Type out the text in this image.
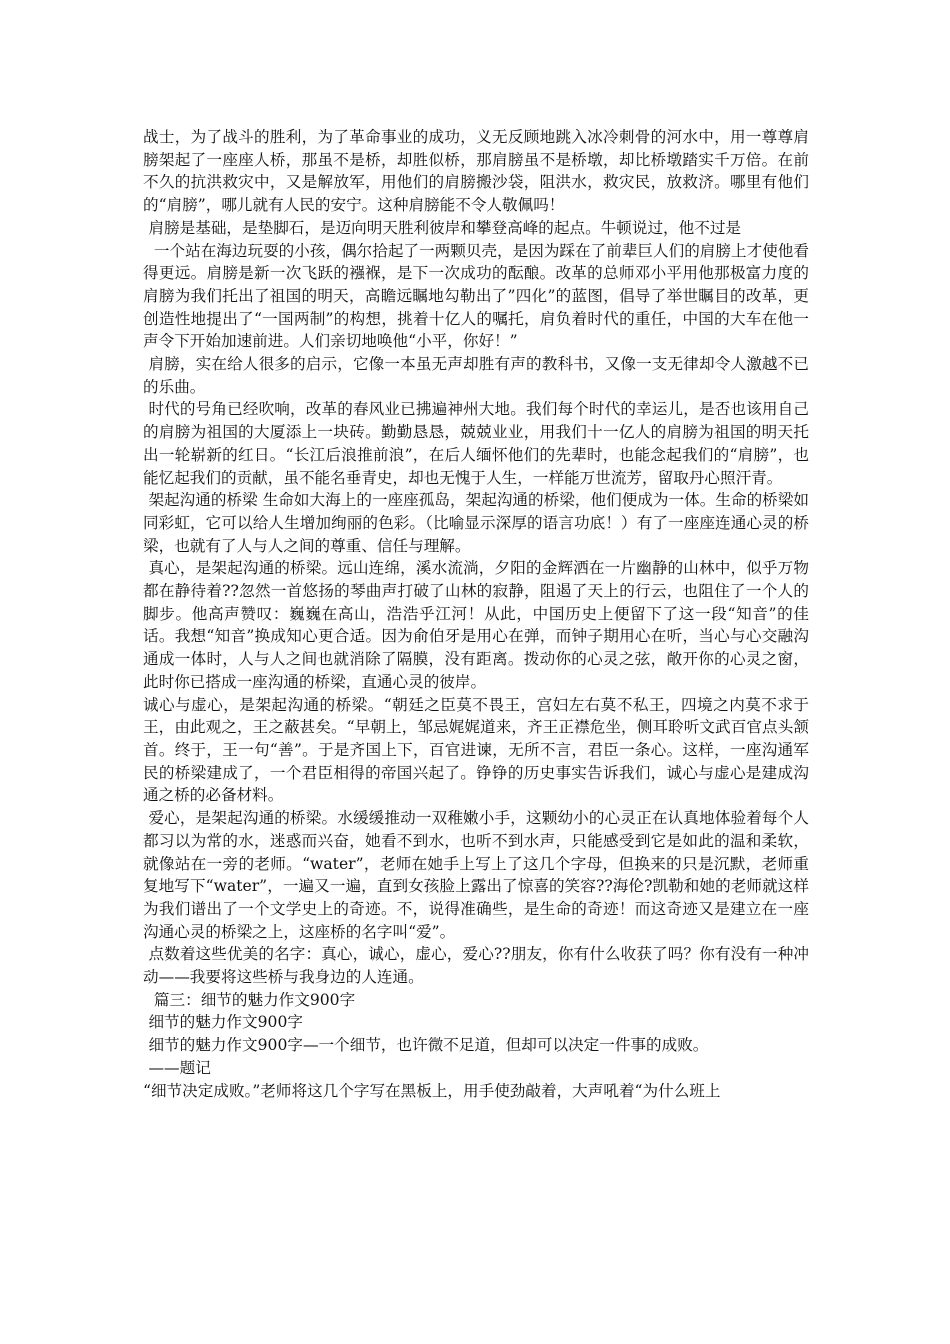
战士，为了战斗的胜利，为了革命事业的成功，义无反顾地跳入冰冷刺骨的河水中，用一尊尊肩膀架起了一座座人桥，那虽不是桥，却胜似桥，那肩膀虽不是桥墩，却比桥墩踏实千万倍。在前不久的抗洪救灾中，又是解放军，用他们的肩膀搬沙袋，阻洪水，救灾民，放救济。哪里有他们的“肩膀”，哪儿就有人民的安宁。这种肩膀能不令人敬佩吗！

肩膀是基础，是垫脚石，是迈向明天胜利彼岸和攀登高峰的起点。牛顿说过，他不过是

一个站在海边玩耍的小孩，偶尔拾起了一两颗贝壳，是因为踩在了前辈巨人们的肩膀上才使他看得更远。肩膀是新一次飞跃的襁褓，是下一次成功的酝酿。改革的总师邓小平用他那极富力度的肩膀为我们托出了祖国的明天，高瞻远瞩地勾勒出了”四化”的蓝图，倡导了举世瞩目的改革，更创造性地提出了“一国两制”的构想，挑着十亿人的嘱托，肩负着时代的重任，中国的大车在他一声令下开始加速前进。人们亲切地唤他“小平，你好！”

肩膀，实在给人很多的启示，它像一本虽无声却胜有声的教科书，又像一支无律却令人激越不已的乐曲。

时代的号角已经吹响，改革的春风业已拂遍神州大地。我们每个时代的幸运儿，是否也该用自己的肩膀为祖国的大厦添上一块砖。勤勤恳恳，兢兢业业，用我们十一亿人的肩膀为祖国的明天托出一轮崭新的红日。“长江后浪推前浪”，在后人缅怀他们的先辈时，也能念起我们的“肩膀”，也能忆起我们的贡献，虽不能名垂青史，却也无愧于人生，一样能万世流芳，留取丹心照汗青。

架起沟通的桥梁 生命如大海上的一座座孤岛，架起沟通的桥梁，他们便成为一体。生命的桥梁如同彩虹，它可以给人生增加绚丽的色彩。（比喻显示深厚的语言功底！）有了一座座连通心灵的桥梁，也就有了人与人之间的尊重、信任与理解。

真心，是架起沟通的桥梁。远山连绵，溪水流淌，夕阳的金辉洒在一片幽静的山林中，似乎万物都在静待着??忽然一首悠扬的琴曲声打破了山林的寂静，阻遏了天上的行云，也阻住了一个人的脚步。他高声赞叹：巍巍在高山，浩浩乎江河！从此，中国历史上便留下了这一段“知音”的佳话。我想“知音”换成知心更合适。因为俞伯牙是用心在弹，而钟子期用心在听，当心与心交融沟通成一体时，人与人之间也就消除了隔膜，没有距离。拨动你的心灵之弦，敞开你的心灵之窗，此时你已搭成一座沟通的桥梁，直通心灵的彼岸。

诚心与虚心，是架起沟通的桥梁。“朝廷之臣莫不畏王，宫妇左右莫不私王，四境之内莫不求于王，由此观之，王之蔽甚矣。“早朝上，邹忌娓娓道来，齐王正襟危坐，侧耳聆听文武百官点头颔首。终于，王一句“善”。于是齐国上下，百官进谏，无所不言，君臣一条心。这样，一座沟通军民的桥梁建成了，一个君臣相得的帝国兴起了。铮铮的历史事实告诉我们，诚心与虚心是建成沟通之桥的必备材料。

爱心，是架起沟通的桥梁。水缓缓推动一双稚嫩小手，这颗幼小的心灵正在认真地体验着每个人都习以为常的水，迷惑而兴奋，她看不到水，也听不到水声，只能感受到它是如此的温和柔软，就像站在一旁的老师。“water”，老师在她手上写上了这几个字母，但换来的只是沉默，老师重复地写下“water”，一遍又一遍，直到女孩脸上露出了惊喜的笑容??海伦?凯勒和她的老师就这样为我们谱出了一个文学史上的奇迹。不，说得准确些，是生命的奇迹！而这奇迹又是建立在一座沟通心灵的桥梁之上，这座桥的名字叫“爱”。

点数着这些优美的名字：真心，诚心，虚心，爱心??朋友，你有什么收获了吗？你有没有一种冲动——我要将这些桥与我身边的人连通。

篇三：细节的魅力作文900字

细节的魅力作文900字

细节的魅力作文900字—一个细节，也许微不足道，但却可以决定一件事的成败。

——题记

“细节决定成败。”老师将这几个字写在黑板上，用手使劲敲着，大声吼着“为什么班上
